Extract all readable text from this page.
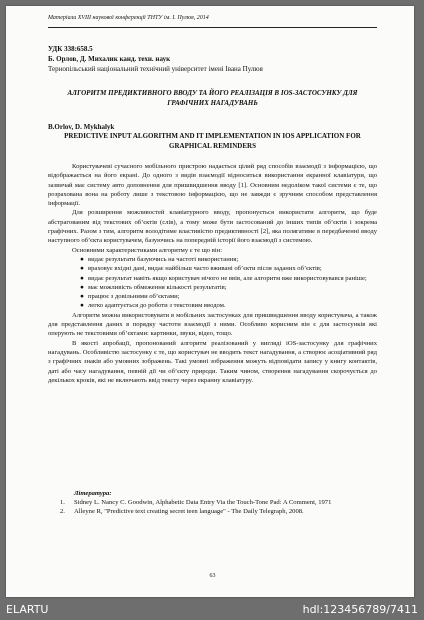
Матеріали XVIII наукової конференції ТНТУ ім. І. Пулюя, 2014
УДК 338:658.5
Б. Орлов, Д. Михалик канд. техн. наук
Тернопільський національний технічний університет імені Івана Пулюя
АЛГОРИТМ ПРЕДИКТИВНОГО ВВОДУ ТА ЙОГО РЕАЛІЗАЦІЯ В IOS-ЗАСТОСУНКУ ДЛЯ ГРАФІЧНИХ НАГАДУВАНЬ
B.Orlov, D. Mykhalyk
PREDICTIVE INPUT ALGORITHM AND IT IMPLEMENTATION IN IOS APPLICATION FOR GRAPHICAL REMINDERS

Користувачеві сучасного мобільного пристрою надається цілий ряд способів взаємодії з інформацією, що відображається на його екрані. До одного з видів взаємодії відноситься використання екранної клавіатури, що зазвичай має систему авто доповнення для пришвидшення вводу [1]. Основним недоліком такої системи є те, що розрахована вона на роботу лише з текстовою інформацією, що не завжди є зручним способом представлення інформації.

Для розширення можливостей клавіатурного вводу, пропонується використати алгоритм, що буде абстрагованим від текстових об’єктів (слів), а тому може бути застосований до інших типів об’єктів і зокрема графічних. Разом з тим, алгоритм володітиме властивістю предиктивності [2], яка полягатиме в передбаченні вводу наступного об’єкта користувачем, базуючись на попередній історії його взаємодії з системою.

Основними характеристиками алгоритму є те що він:

● видає результати базуючись на частоті використання;
● враховує вхідні дані, видає найбільш часто вживані об’єкти після заданих об’єктів;
● видає результат навіть якщо користувач нічого не ввів, але алгоритм вже використовувався раніше;
● має можливість обмеження кількості результатів;
● працює з довільними об’єктами;
● легко адаптується до роботи з текстовим вводом.

Алгоритм можна використовувати в мобільних застосунках для пришвидшення вводу користувача, а також для представлення даних в порядку частоти взаємодії з ними. Особливо корисним він є для застосунків які оперують не текстовими об’єктами: картинки, звуки, відео, тощо.

В якості апробації, пропонований алгоритм реалізований у вигляді iOS-застосунку для графічних нагадувань. Особливістю застосунку є те, що користувач не вводить текст нагадування, а створює асоціативний ряд з графічних знаків або умовних зображень. Такі умовні зображення можуть відповідати запису у книгу контактів, даті або часу нагадування, певній дії чи об’єкту природи. Таким чином, створення нагадування скорочується до декількох кроків, які не включають ввід тексту через екранну клавіатуру.

Література:
1. Sidney L. Nancy C. Goodwin, Alphabetic Data Entry Via the Touch-Tone Pad: A Comment, 1971
2. Alleyne R, "Predictive text creating secret teen language" - The Daily Telegraph, 2008.
63
ELARTU	hdl:123456789/7411
